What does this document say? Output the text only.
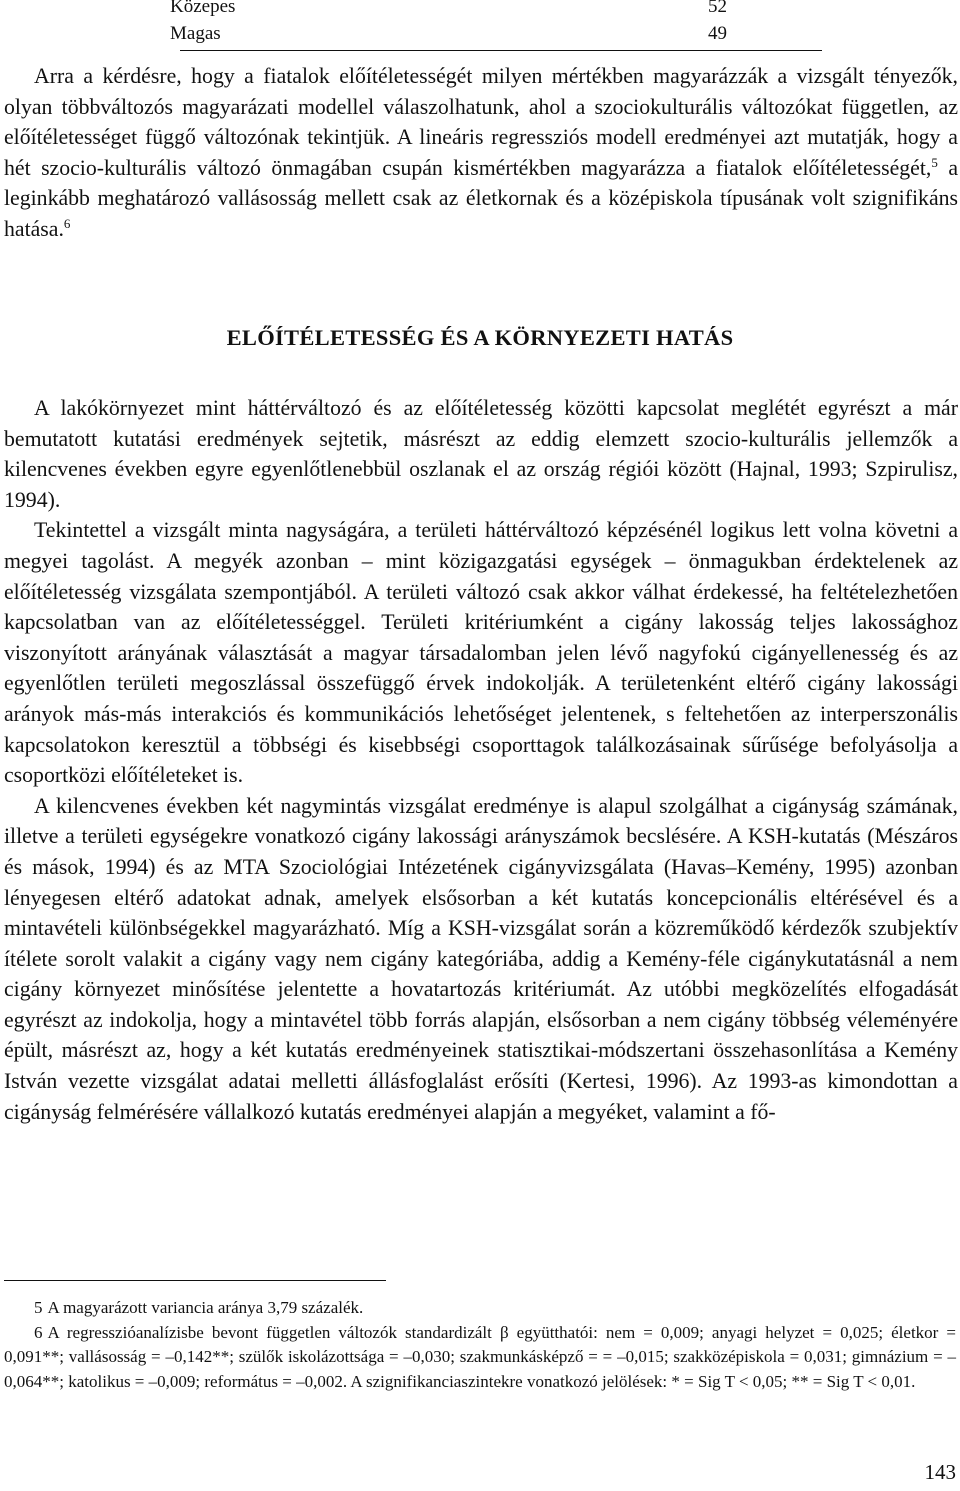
Közepes	52
Magas	49

Arra a kérdésre, hogy a fiatalok előítéletességét milyen mértékben magyarázzák a vizsgált tényezők, olyan többváltozós magyarázati modellel válaszolhatunk, ahol a szociokulturális változókat független, az előítéletességet függő változónak tekintjük. A lineáris regressziós modell eredményei azt mutatják, hogy a hét szocio-kulturális változó önmagában csupán kismértékben magyarázza a fiatalok előítéletességét,$^5$ a leginkább meghatározó vallásosság mellett csak az életkornak és a középiskola típusának volt szignifikáns hatása.$^6$

ELŐÍTÉLETESSÉG ÉS A KÖRNYEZETI HATÁS

A lakókörnyezet mint háttérváltozó és az előítéletesség közötti kapcsolat meglétét egyrészt a már bemutatott kutatási eredmények sejtetik, másrészt az eddig elemzett szocio-kulturális jellemzők a kilencvenes években egyre egyenlőtlenebbül oszlanak el az ország régiói között (Hajnal, 1993; Szpirulisz, 1994).

Tekintettel a vizsgált minta nagyságára, a területi háttérváltozó képzésénél logikus lett volna követni a megyei tagolást. A megyék azonban – mint közigazgatási egységek – önmagukban érdektelenek az előítéletesség vizsgálata szempontjából. A területi változó csak akkor válhat érdekessé, ha feltételezhetően kapcsolatban van az előítéletességgel. Területi kritériumként a cigány lakosság teljes lakossághoz viszonyított arányának választását a magyar társadalomban jelen lévő nagyfokú cigányellenesség és az egyenlőtlen területi megoszlással összefüggő érvek indokolják. A területenként eltérő cigány lakossági arányok más-más interakciós és kommunikációs lehetőséget jelentenek, s feltehetően az interperszonális kapcsolatokon keresztül a többségi és kisebbségi csoporttagok találkozásainak sűrűsége befolyásolja a csoportközi előítéleteket is.

A kilencvenes években két nagymintás vizsgálat eredménye is alapul szolgálhat a cigányság számának, illetve a területi egységekre vonatkozó cigány lakossági arányszámok becslésére. A KSH-kutatás (Mészáros és mások, 1994) és az MTA Szociológiai Intézetének cigányvizsgálata (Havas–Kemény, 1995) azonban lényegesen eltérő adatokat adnak, amelyek elsősorban a két kutatás koncepcionális eltérésével és a mintavételi különbségekkel magyarázható. Míg a KSH-vizsgálat során a közreműködő kérdezők szubjektív ítélete sorolt valakit a cigány vagy nem cigány kategóriába, addig a Kemény-féle cigánykutatásnál a nem cigány környezet minősítése jelentette a hovatartozás kritériumát. Az utóbbi megközelítés elfogadását egyrészt az indokolja, hogy a mintavétel több forrás alapján, elsősorban a nem cigány többség véleményére épült, másrészt az, hogy a két kutatás eredményeinek statisztikai-módszertani összehasonlítása a Kemény István vezette vizsgálat adatai melletti állásfoglalást erősíti (Kertesi, 1996). Az 1993-as kimondottan a cigányság felmérésére vállalkozó kutatás eredményei alapján a megyéket, valamint a fő-

5 A magyarázott variancia aránya 3,79 százalék.

6 A regresszióanalízisbe bevont független változók standardizált β együtthatói: nem = 0,009; anyagi helyzet = 0,025; életkor = 0,091**; vallásosság = –0,142**; szülők iskolázottsága = –0,030; szakmunkásképző = = –0,015; szakközépiskola = 0,031; gimnázium = –0,064**; katolikus = –0,009; református = –0,002. A szignifikanciaszintekre vonatkozó jelölések: * = Sig T < 0,05; ** = Sig T < 0,01.

143
